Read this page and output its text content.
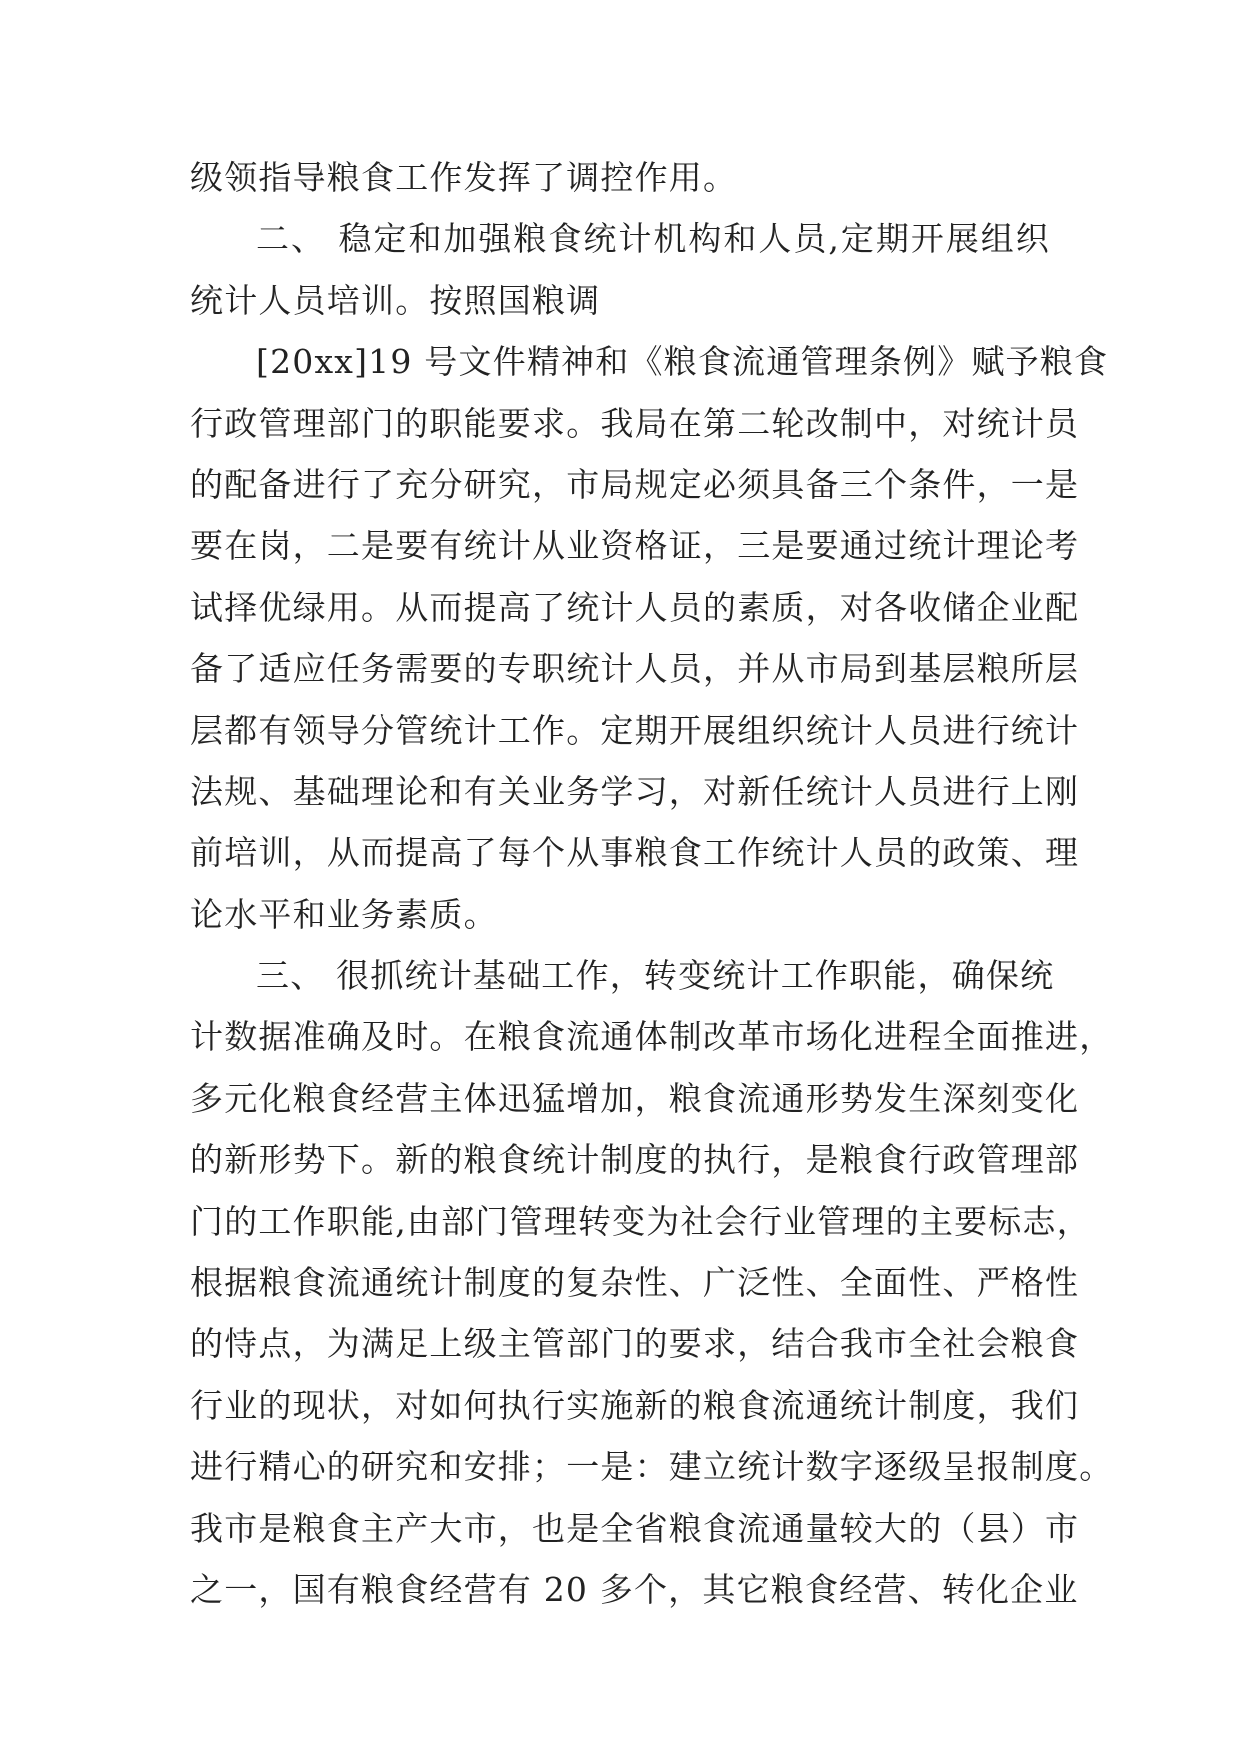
级领指导粮食工作发挥了调控作用。
二、 稳定和加强粮食统计机构和人员,定期开展组织
统计人员培训。按照国粮调
[20xx]19 号文件精神和《粮食流通管理条例》赋予粮食
行政管理部门的职能要求。我局在第二轮改制中，对统计员
的配备进行了充分研究，市局规定必须具备三个条件，一是
要在岗，二是要有统计从业资格证，三是要通过统计理论考
试择优绿用。从而提高了统计人员的素质，对各收储企业配
备了适应任务需要的专职统计人员，并从市局到基层粮所层
层都有领导分管统计工作。定期开展组织统计人员进行统计
法规、基础理论和有关业务学习，对新任统计人员进行上刚
前培训，从而提高了每个从事粮食工作统计人员的政策、理
论水平和业务素质。
三、 很抓统计基础工作，转变统计工作职能，确保统
计数据准确及时。在粮食流通体制改革市场化进程全面推进，
多元化粮食经营主体迅猛增加，粮食流通形势发生深刻变化
的新形势下。新的粮食统计制度的执行，是粮食行政管理部
门的工作职能,由部门管理转变为社会行业管理的主要标志，
根据粮食流通统计制度的复杂性、广泛性、全面性、严格性
的恃点，为满足上级主管部门的要求，结合我市全社会粮食
行业的现状，对如何执行实施新的粮食流通统计制度，我们
进行精心的研究和安排；一是：建立统计数字逐级呈报制度。
我市是粮食主产大市，也是全省粮食流通量较大的（县）市
之一，国有粮食经营有 20 多个，其它粮食经营、转化企业
